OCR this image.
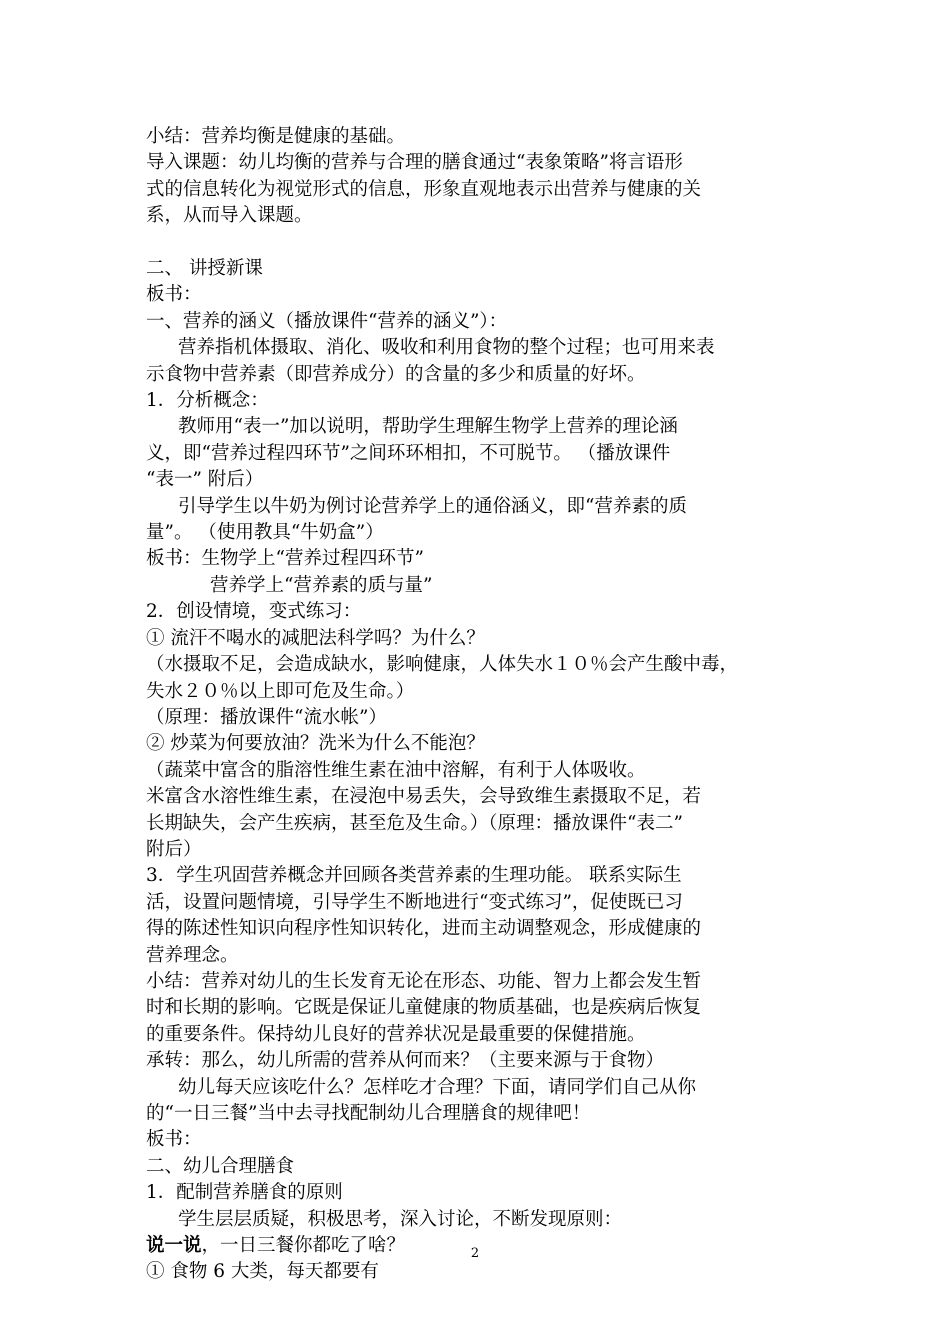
小结：营养均衡是健康的基础。

导入课题：幼儿均衡的营养与合理的膳食通过“表象策略”将言语形

式的信息转化为视觉形式的信息，形象直观地表示出营养与健康的关

系，从而导入课题。

二、 讲授新课

板书：

一、营养的涵义（播放课件“营养的涵义”）：

营养指机体摄取、消化、吸收和利用食物的整个过程；也可用来表

示食物中营养素（即营养成分）的含量的多少和质量的好坏。

1．分析概念：

教师用“表一”加以说明，帮助学生理解生物学上营养的理论涵

义，即“营养过程四环节”之间环环相扣，不可脱节。 （播放课件

“表一” 附后）

引导学生以牛奶为例讨论营养学上的通俗涵义，即“营养素的质

量”。 （使用教具“牛奶盒”）

板书：生物学上“营养过程四环节”

营养学上“营养素的质与量”

2．创设情境，变式练习：

① 流汗不喝水的减肥法科学吗？为什么？

（水摄取不足，会造成缺水，影响健康，人体失水１０％会产生酸中毒，

失水２０％以上即可危及生命。）

（原理：播放课件“流水帐”）

② 炒菜为何要放油？洗米为什么不能泡？

（蔬菜中富含的脂溶性维生素在油中溶解，有利于人体吸收。

米富含水溶性维生素，在浸泡中易丢失，会导致维生素摄取不足，若

长期缺失，会产生疾病，甚至危及生命。）（原理：播放课件“表二”

附后）

3．学生巩固营养概念并回顾各类营养素的生理功能。 联系实际生

活，设置问题情境，引导学生不断地进行“变式练习”，促使既已习

得的陈述性知识向程序性知识转化，进而主动调整观念，形成健康的

营养理念。

小结：营养对幼儿的生长发育无论在形态、功能、智力上都会发生暂

时和长期的影响。它既是保证儿童健康的物质基础，也是疾病后恢复

的重要条件。保持幼儿良好的营养状况是最重要的保健措施。

承转：那么，幼儿所需的营养从何而来？（主要来源与于食物）

幼儿每天应该吃什么？怎样吃才合理？下面，请同学们自己从你

的“一日三餐”当中去寻找配制幼儿合理膳食的规律吧！

板书：

二、幼儿合理膳食

1．配制营养膳食的原则

学生层层质疑，积极思考，深入讨论，不断发现原则：

说一说，一日三餐你都吃了啥？

① 食物 6 大类，每天都要有

2
